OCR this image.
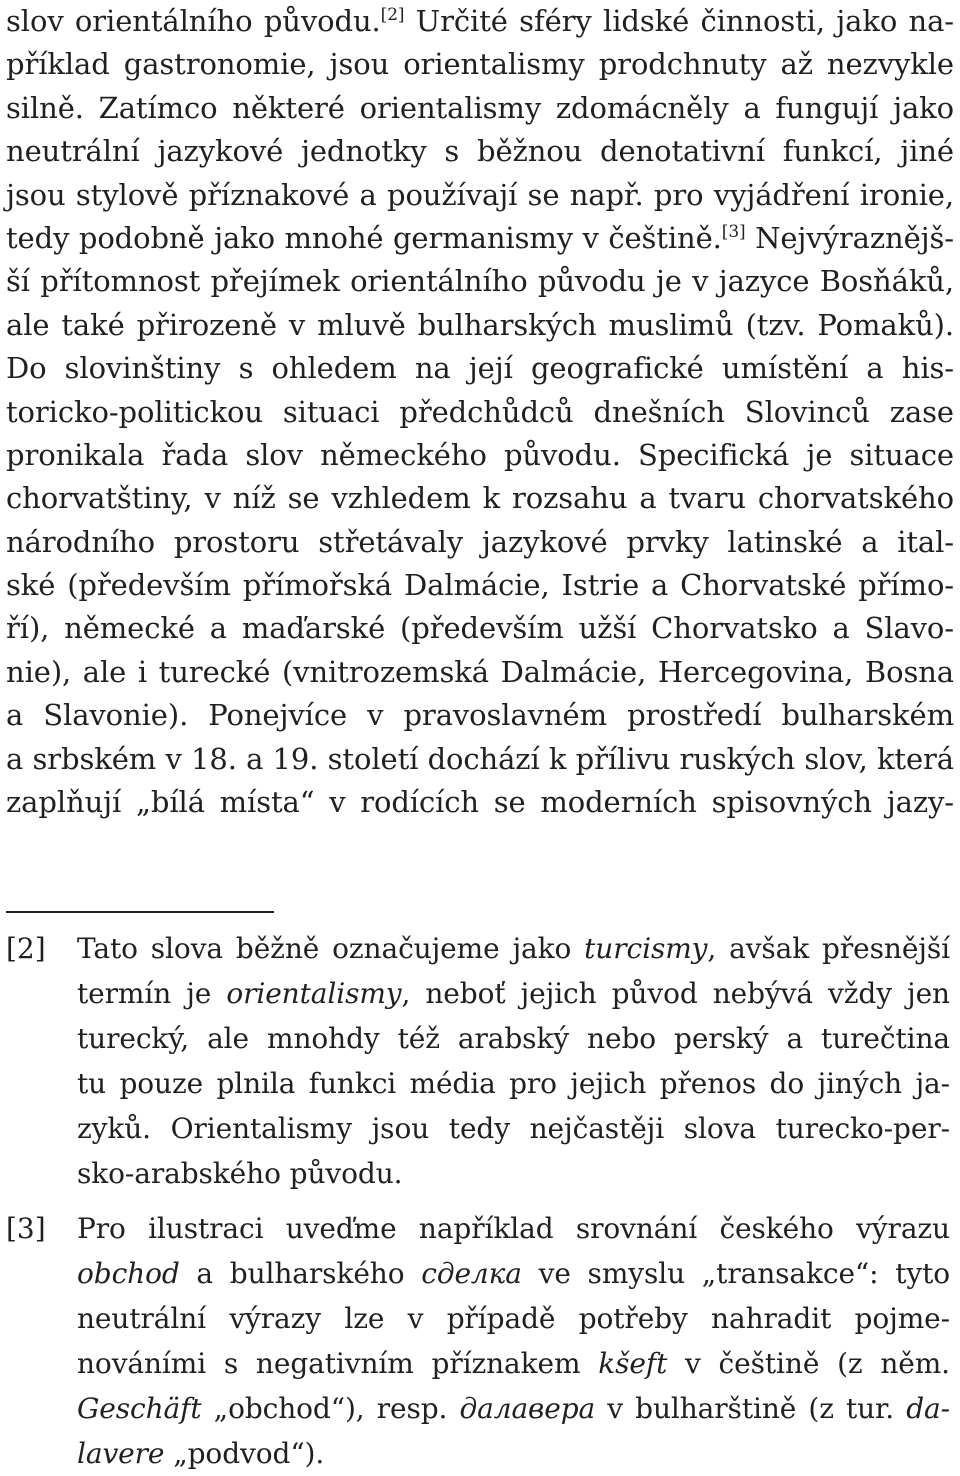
slov orientálního původu.[2] Určité sféry lidské činnosti, jako na-
příklad gastronomie, jsou orientalismy prodchnuty až nezvykle
silně. Zatímco některé orientalismy zdomácněly a fungují jako
neutrální jazykové jednotky s běžnou denotativní funkcí, jiné
jsou stylově příznakové a používají se např. pro vyjádření ironie,
tedy podobně jako mnohé germanismy v češtině.[3] Nejvýraznějš-
ší přítomnost přejímek orientálního původu je v jazyce Bosňáků,
ale také přirozeně v mluvě bulharských muslimů (tzv. Pomaků).
Do slovinštiny s ohledem na její geografické umístění a his-
toricko-politickou situaci předchůdců dnešních Slovinců zase
pronikala řada slov německého původu. Specifická je situace
chorvatštiny, v níž se vzhledem k rozsahu a tvaru chorvatského
národního prostoru střetávaly jazykové prvky latinské a ital-
ské (především přímořská Dalmácie, Istrie a Chorvatské přímo-
ří), německé a maďarské (především užší Chorvatsko a Slavo-
nie), ale i turecké (vnitrozemská Dalmácie, Hercegovina, Bosna
a Slavonie). Ponejvíce v pravoslavném prostředí bulharském
a srbském v 18. a 19. století dochází k přílivu ruských slov, která
zaplňují „bílá místa“ v rodících se moderních spisovných jazy-
[2] Tato slova běžně označujeme jako turcismy, avšak přesnější
termín je orientalismy, neboť jejich původ nebývá vždy jen
turecký, ale mnohdy též arabský nebo perský a turečtina
tu pouze plnila funkci média pro jejich přenos do jiných ja-
zyků. Orientalismy jsou tedy nejčastěji slova turecko-per-
sko-arabského původu.
[3] Pro ilustraci uveďme například srovnání českého výrazu
obchod a bulharského сделка ve smyslu „transakce“: tyto
neutrální výrazy lze v případě potřeby nahradit pojme-
nováními s negativním příznakem kšeft v češtině (z něm.
Geschäft „obchod“), resp. далавера v bulharštině (z tur. da-
lavere „podvod“).
